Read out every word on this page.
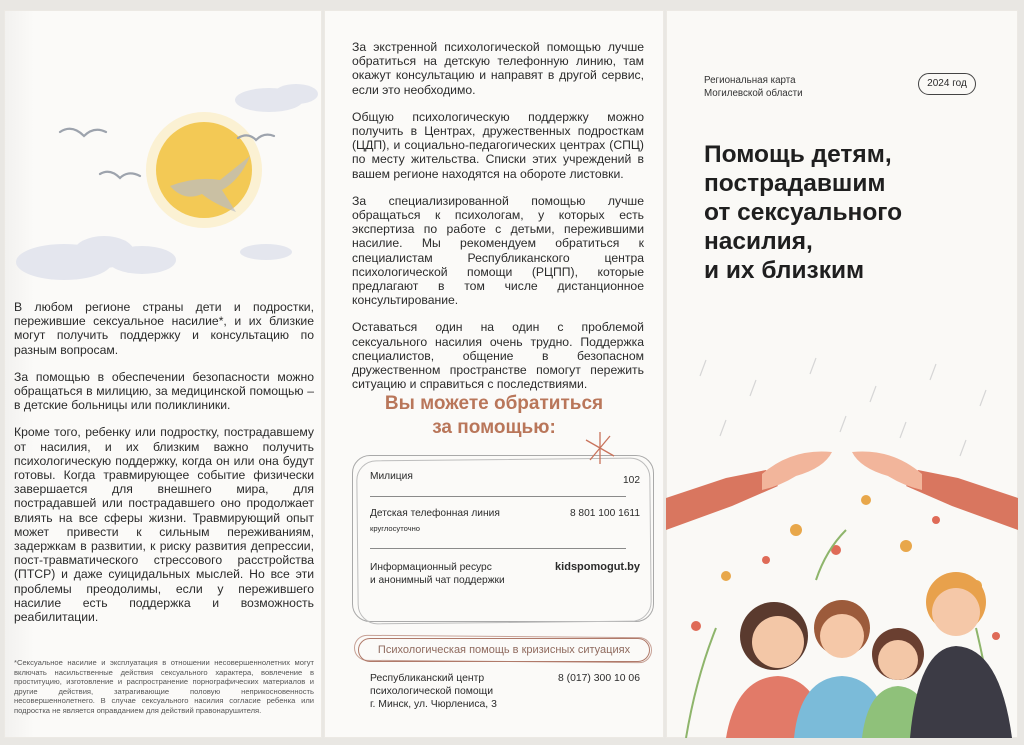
В любом регионе страны дети и подростки, пережившие сексуальное насилие*, и их близкие могут получить поддержку и консультацию по разным вопросам.

За помощью в обеспечении безопасности можно обращаться в милицию, за медицинской помощью – в детские больницы или поликлиники.

Кроме того, ребенку или подростку, пострадавшему от насилия, и их близким важно получить психологическую поддержку, когда он или она будут готовы. Когда травмирующее событие физически завершается для внешнего мира, для пострадавшей или пострадавшего оно продолжает влиять на все сферы жизни. Травмирующий опыт может привести к сильным переживаниям, задержкам в развитии, к риску развития депрессии, пост-травматического стрессового расстройства (ПТСР) и даже суицидальных мыслей. Но все эти проблемы преодолимы, если у пережившего насилие есть поддержка и возможность реабилитации.

*Сексуальное насилие и эксплуатация в отношении несовершеннолетних могут включать насильственные действия сексуального характера, вовлечение в проституцию, изготовление и распространение порнографических материалов и другие действия, затрагивающие половую неприкосновенность несовершеннолетнего. В случае сексуального насилия согласие ребенка или подростка не является оправданием для действий правонарушителя.

За экстренной психологической помощью лучше обратиться на детскую телефонную линию, там окажут консультацию и направят в другой сервис, если это необходимо.

Общую психологическую поддержку можно получить в Центрах, дружественных подросткам (ЦДП), и социально-педагогических центрах (СПЦ) по месту жительства. Списки этих учреждений в вашем регионе находятся на обороте листовки.

За специализированной помощью лучше обращаться к психологам, у которых есть экспертиза по работе с детьми, пережившими насилие. Мы рекомендуем обратиться к специалистам Республиканского центра психологической помощи (РЦПП), которые предлагают в том числе дистанционное консультирование.

Оставаться один на один с проблемой сексуального насилия очень трудно. Поддержка специалистов, общение в безопасном дружественном пространстве помогут пережить ситуацию и справиться с последствиями.

Вы можете обратиться
за помощью:
Милиция	102
Детская телефонная линия
круглосуточно
8 801 100 1611
Информационный ресурс
и анонимный чат поддержки
kidspomogut.by
Психологическая помощь в кризисных ситуациях
Республиканский центр
психологической помощи
г. Минск, ул. Чюрлениса, 3
8 (017) 300 10 06
Региональная карта
Могилевской области
2024 год
Помощь детям,
пострадавшим
от сексуального
насилия,
и их близким
